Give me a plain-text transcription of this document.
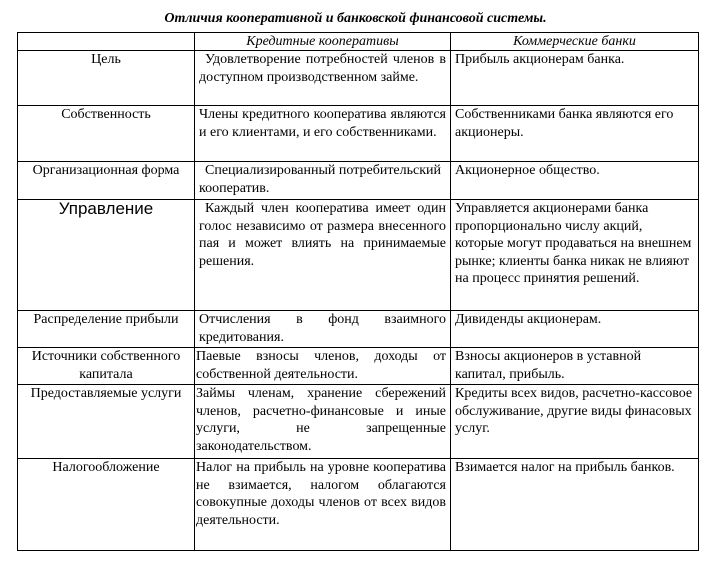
Отличия кооперативной и банковской финансовой системы.
	Кредитные кооперативы	Коммерческие банки
Цель	Удовлетворение потребностей членов в доступном производственном займе.	Прибыль акционерам банка.
Собственность	Члены кредитного кооператива являются и его клиентами, и его собственниками.	Собственниками банка являются его акционеры.
Организационная форма	Специализированный потребительский кооператив.	Акционерное общество.
Управление	Каждый член кооператива имеет один голос независимо от размера внесенного пая и может влиять на принимаемые решения.	Управляется акционерами банка пропорционально числу акций, которые могут продаваться на внешнем рынке; клиенты банка никак не влияют на процесс принятия решений.
Распределение прибыли	Отчисления в фонд взаимного кредитования.	Дивиденды акционерам.
Источники собственного капитала	Паевые взносы членов, доходы от собственной деятельности.	Взносы акционеров в уставной капитал, прибыль.
Предоставляемые услуги	Займы членам, хранение сбережений членов, расчетно-финансовые и иные услуги, не запрещенные законодательством.	Кредиты всех видов, расчетно-кассовое обслуживание, другие виды финасовых услуг.
Налогообложение	Налог на прибыль на уровне кооператива не взимается, налогом облагаются совокупные доходы членов от всех видов деятельности.	Взимается налог на прибыль банков.
